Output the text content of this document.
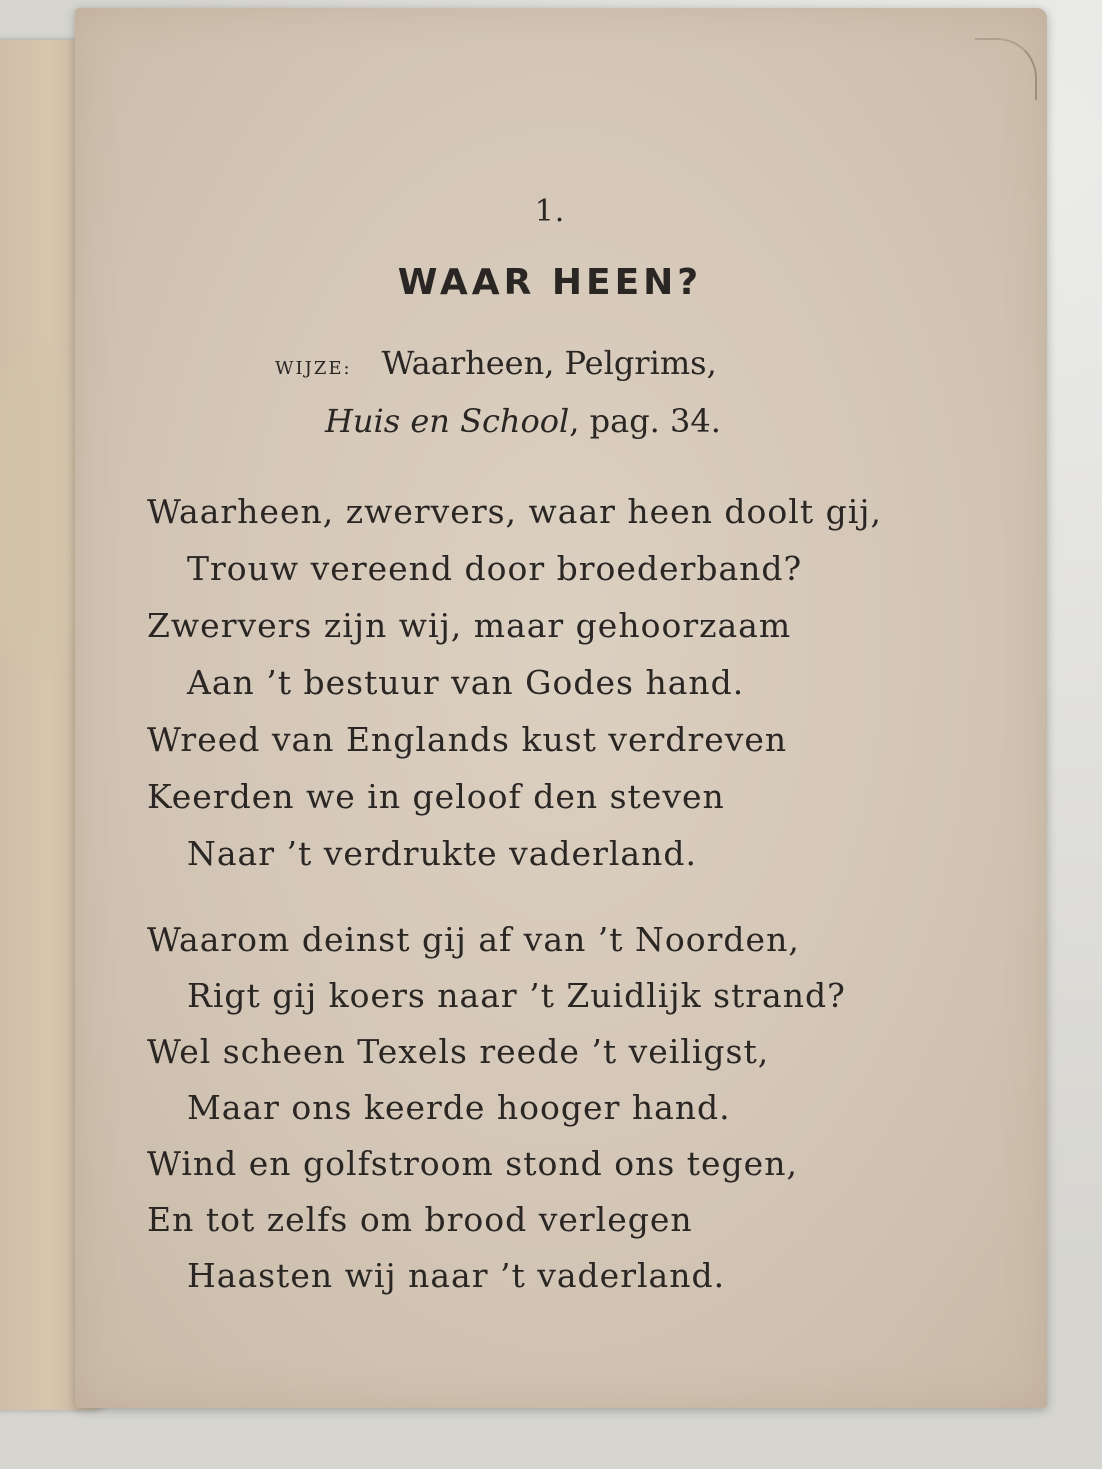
1.
WAAR HEEN?
WIJZE: Waarheen, Pelgrims,
Huis en School, pag. 34.
Waarheen, zwervers, waar heen doolt gij,
Trouw vereend door broederband?
Zwervers zijn wij, maar gehoorzaam
Aan ’t bestuur van Godes hand.
Wreed van Englands kust verdreven
Keerden we in geloof den steven
Naar ’t verdrukte vaderland.
Waarom deinst gij af van ’t Noorden,
Rigt gij koers naar ’t Zuidlijk strand?
Wel scheen Texels reede ’t veiligst,
Maar ons keerde hooger hand.
Wind en golfstroom stond ons tegen,
En tot zelfs om brood verlegen
Haasten wij naar ’t vaderland.
